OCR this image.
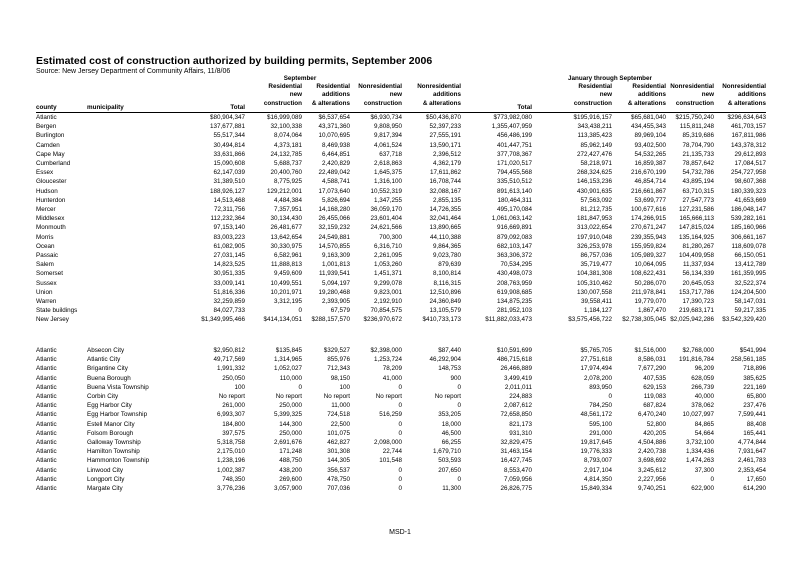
Estimated cost of construction authorized by building permits, September 2006
Source: New Jersey Department of Community Affairs, 11/8/06
September	January through September
county	municipality	Total
Residential
new
construction
Residential
additions
& alterations
Nonresidential
new
construction
Nonresidential
additions
& alterations
Total
Residential
new
construction
Residential
additions
& alterations
Nonresidential
new
construction
Nonresidential
additions
& alterations
Atlantic	$80,904,347	$16,999,089	$6,537,654	$6,930,734	$50,436,870	$773,982,080	$195,916,157	$65,681,040	$215,750,240	$296,634,643
Bergen	137,677,881	32,100,338	43,371,360	9,808,950	52,397,233	1,355,407,959	343,438,211	434,455,343	115,811,248	461,703,157
Burlington	55,517,344	8,074,064	10,070,695	9,817,394	27,555,191	456,486,199	113,385,423	89,969,104	85,319,686	167,811,986
Camden	30,494,814	4,373,181	8,469,938	4,061,524	13,590,171	401,447,751	85,962,149	93,402,500	78,704,790	143,378,312
Cape May	33,631,866	24,132,785	6,464,851	637,718	2,396,512	377,708,367	272,427,476	54,532,265	21,135,733	29,612,893
Cumberland	15,090,608	5,688,737	2,420,829	2,618,863	4,362,179	171,020,517	58,218,971	16,859,387	78,857,642	17,084,517
Essex	62,147,039	20,400,760	22,489,042	1,645,375	17,611,862	794,455,568	268,324,625	216,670,199	54,732,786	254,727,958
Gloucester	31,389,510	8,775,925	4,588,741	1,316,100	16,708,744	335,510,512	146,153,236	46,854,714	43,895,194	98,607,368
Hudson	188,926,127	129,212,001	17,073,640	10,552,319	32,088,167	891,613,140	430,901,635	216,661,867	63,710,315	180,339,323
Hunterdon	14,513,468	4,484,384	5,826,694	1,347,255	2,855,135	180,464,311	57,563,092	53,699,777	27,547,773	41,653,669
Mercer	72,311,756	7,357,951	14,168,280	36,059,170	14,726,355	495,170,084	81,212,735	100,677,616	127,231,586	186,048,147
Middlesex	112,232,364	30,134,430	26,455,066	23,601,404	32,041,464	1,061,063,142	181,847,953	174,266,915	165,666,113	539,282,161
Monmouth	97,153,140	26,481,677	32,159,232	24,621,566	13,890,665	916,669,891	313,022,654	270,671,247	147,815,024	185,160,966
Morris	83,003,223	13,642,654	24,549,881	700,300	44,110,388	879,092,083	197,910,048	239,355,943	135,164,925	306,661,167
Ocean	61,082,905	30,330,975	14,570,855	6,316,710	9,864,365	682,103,147	326,253,978	155,959,824	81,280,267	118,609,078
Passaic	27,031,145	6,582,961	9,163,309	2,261,095	9,023,780	363,306,372	86,757,036	105,989,327	104,409,958	66,150,051
Salem	14,823,525	11,888,813	1,001,813	1,053,260	879,639	70,534,295	35,719,477	10,064,095	11,337,934	13,412,789
Somerset	30,951,335	9,459,609	11,939,541	1,451,371	8,100,814	430,498,073	104,381,308	108,622,431	56,134,339	161,359,995
Sussex	33,009,141	10,499,551	5,094,197	9,299,078	8,116,315	208,763,959	105,310,462	50,286,070	20,645,053	32,522,374
Union	51,816,336	10,201,971	19,280,468	9,823,001	12,510,896	619,908,685	130,007,558	211,978,841	153,717,786	124,204,500
Warren	32,259,859	3,312,195	2,393,905	2,192,910	24,360,849	134,875,235	39,558,411	19,779,070	17,390,723	58,147,031
State buildings	84,027,733	0	67,579	70,854,575	13,105,579	281,952,103	1,184,127	1,867,470	219,683,171	59,217,335
New Jersey	$1,349,995,466	$414,134,051	$288,157,570	$236,970,672	$410,733,173	$11,882,033,473	$3,575,456,722	$2,738,305,045 $2,025,942,286	$3,542,329,420
Atlantic	Absecon City	$2,950,812	$135,845	$329,527	$2,398,000	$87,440	$10,591,699	$5,765,705	$1,516,000	$2,768,000	$541,994
Atlantic	Atlantic City	49,717,569	1,314,965	855,976	1,253,724	46,292,904	486,715,618	27,751,618	8,586,031	191,816,784	258,561,185
Atlantic	Brigantine City	1,991,332	1,052,027	712,343	78,209	148,753	26,466,889	17,974,494	7,677,290	96,209	718,896
Atlantic	Buena Borough	250,050	110,000	98,150	41,000	900	3,499,419	2,078,200	407,535	628,059	385,625
Atlantic	Buena Vista Township	100	0	100	0	0	2,011,011	893,950	629,153	266,739	221,169
Atlantic	Corbin City	No report	No report	No report	No report	No report	224,883	0	119,083	40,000	65,800
Atlantic	Egg Harbor City	261,000	250,000	11,000	0	0	2,087,612	784,250	687,824	378,062	237,476
Atlantic	Egg Harbor Township	6,993,307	5,399,325	724,518	516,259	353,205	72,658,850	48,561,172	6,470,240	10,027,997	7,599,441
Atlantic	Estell Manor City	184,800	144,300	22,500	0	18,000	821,173	595,100	52,800	84,865	88,408
Atlantic	Folsom Borough	397,575	250,000	101,075	0	46,500	931,310	291,000	420,205	54,664	165,441
Atlantic	Galloway Township	5,318,758	2,691,676	462,827	2,098,000	66,255	32,829,475	19,817,645	4,504,886	3,732,100	4,774,844
Atlantic	Hamilton Township	2,175,010	171,248	301,308	22,744	1,679,710	31,463,154	19,776,333	2,420,738	1,334,436	7,931,647
Atlantic	Hammonton Township	1,238,196	488,750	144,305	101,548	503,593	16,427,745	8,793,007	3,698,692	1,474,263	2,461,783
Atlantic	Linwood City	1,002,387	438,200	356,537	0	207,650	8,553,470	2,917,104	3,245,612	37,300	2,353,454
Atlantic	Longport City	748,350	269,600	478,750	0	0	7,059,956	4,814,350	2,227,956	0	17,650
Atlantic	Margate City	3,776,236	3,057,900	707,036	0	11,300	26,826,775	15,849,334	9,740,251	622,900	614,290
MSD-1
